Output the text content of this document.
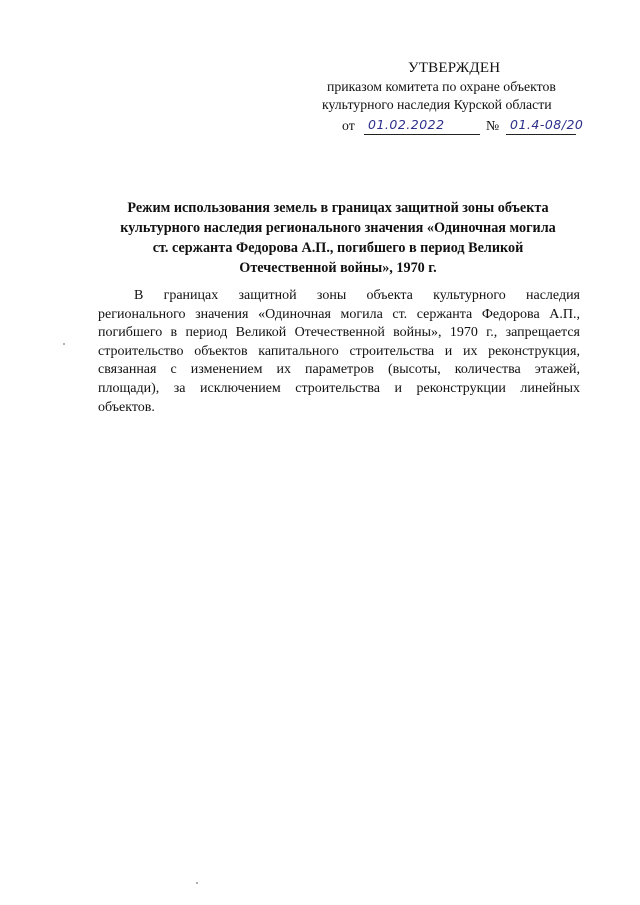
УТВЕРЖДЕН
приказом комитета по охране объектов
культурного наследия Курской области
от 01.02.2022	№ 01.4-08/20
Режим использования земель в границах защитной зоны объекта
культурного наследия регионального значения «Одиночная могила
ст. сержанта Федорова А.П., погибшего в период Великой
Отечественной войны», 1970 г.

В границах защитной зоны объекта культурного наследия
регионального значения «Одиночная могила ст. сержанта Федорова А.П.,
погибшего в период Великой Отечественной войны», 1970 г., запрещается
строительство объектов капитального строительства и их реконструкция,
связанная с изменением их параметров (высоты, количества этажей,
площади), за исключением строительства и реконструкции линейных
объектов.
